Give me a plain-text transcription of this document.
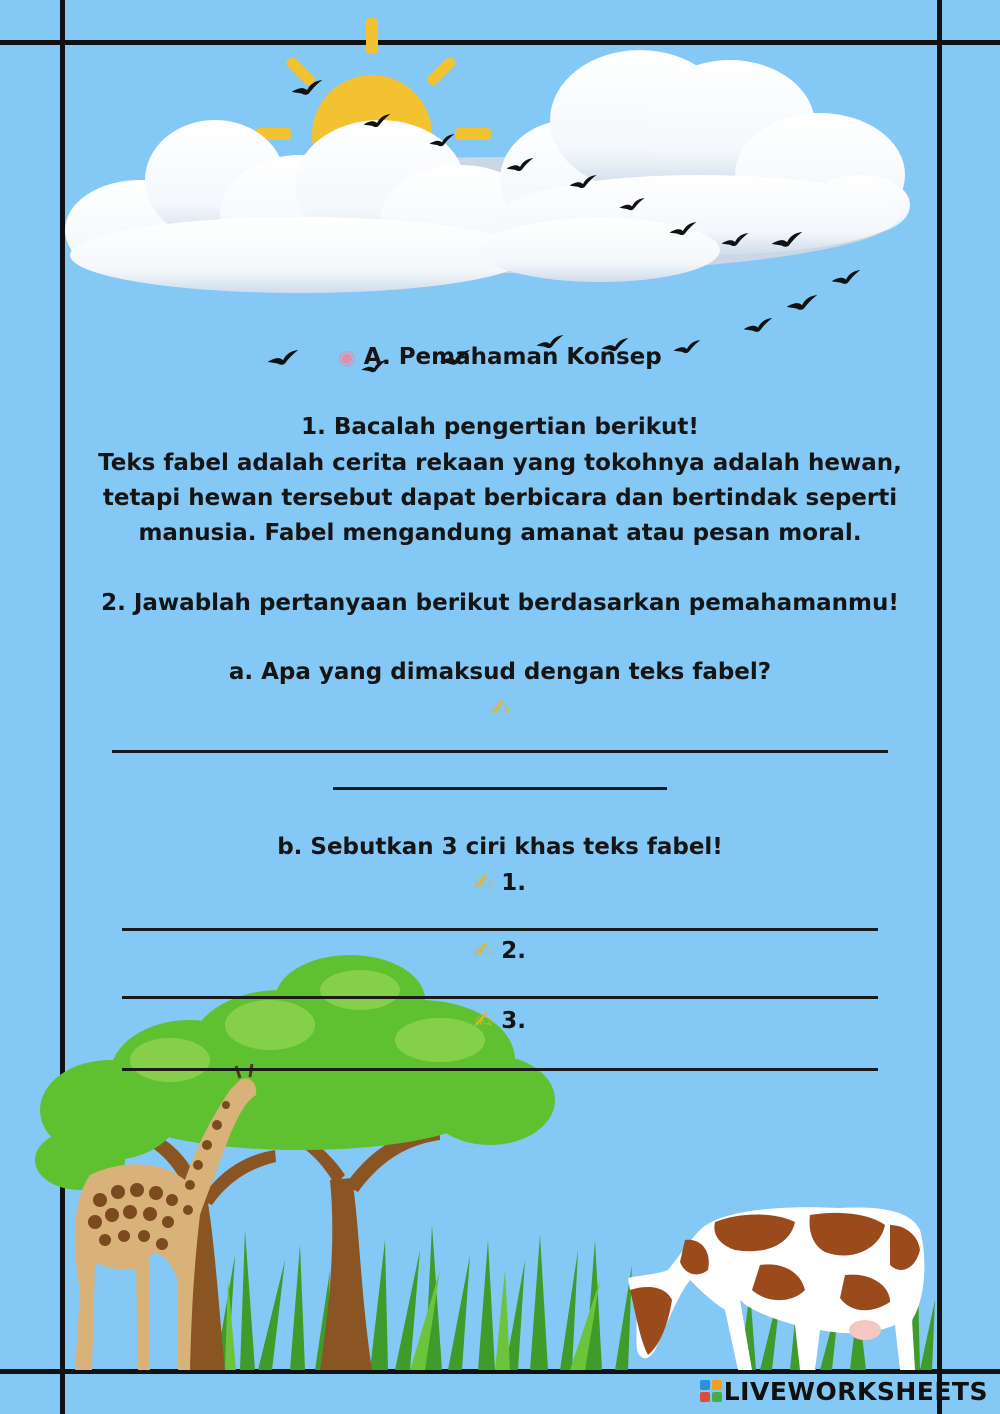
◉ A. Pemahaman Konsep
1. Bacalah pengertian berikut!
Teks fabel adalah cerita rekaan yang tokohnya adalah hewan,
tetapi hewan tersebut dapat berbicara dan bertindak seperti
manusia. Fabel mengandung amanat atau pesan moral.
2. Jawablah pertanyaan berikut berdasarkan pemahamanmu!
a. Apa yang dimaksud dengan teks fabel?
✍
b. Sebutkan 3 ciri khas teks fabel!
✍ 1.
✍ 2.
✍ 3.
LIVEWORKSHEETS
